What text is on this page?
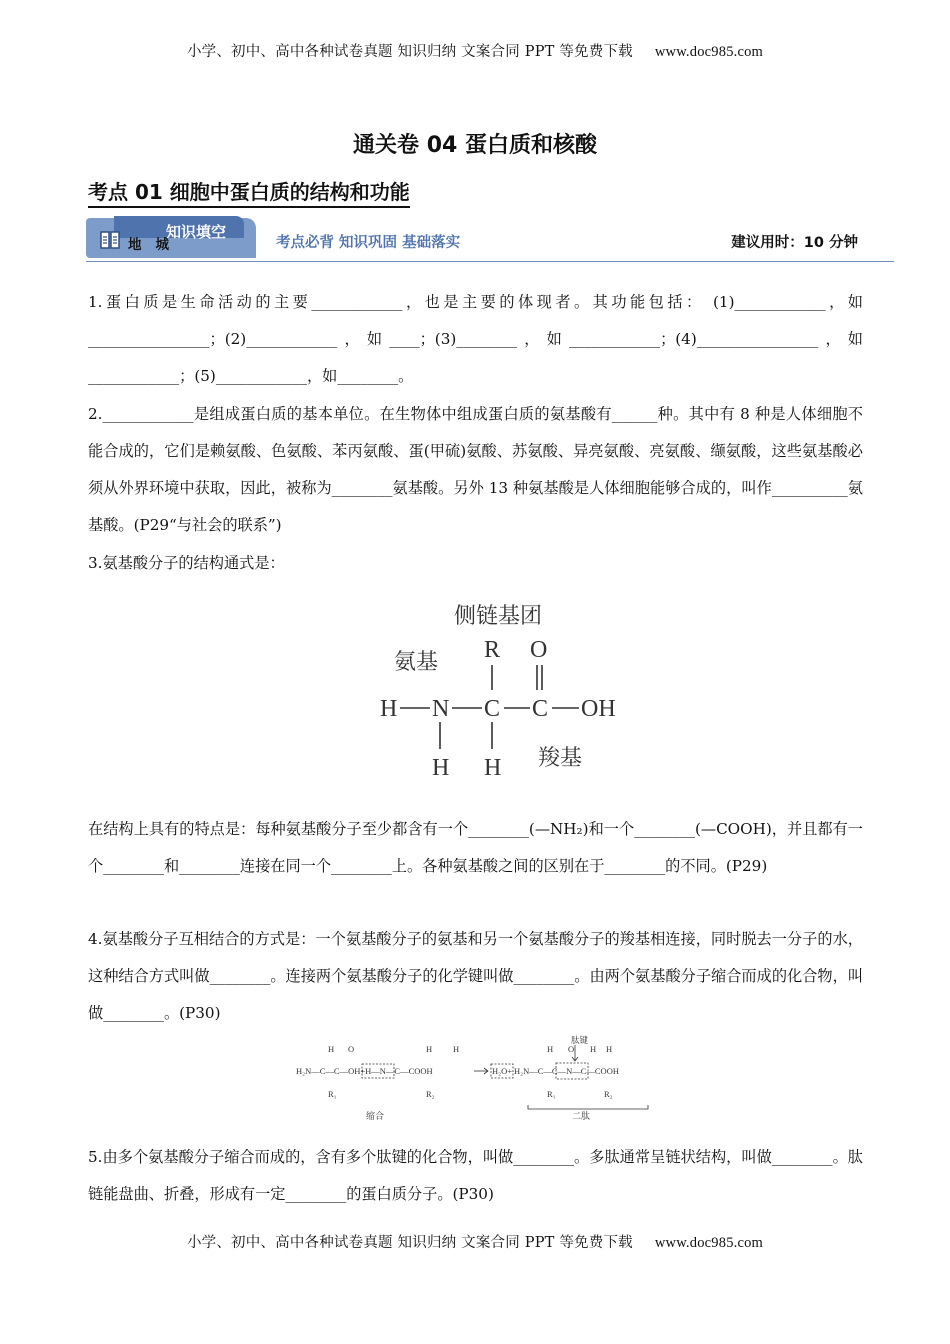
小学、初中、高中各种试卷真题 知识归纳 文案合同 PPT 等免费下载 www.doc985.com
通关卷 04 蛋白质和核酸
考点 01 细胞中蛋白质的结构和功能
知识填空
地城	考点必背 知识巩固 基础落实	建议用时：10 分钟
1.蛋白质是生命活动的主要____________，也是主要的体现者。其功能包括： (1)____________，如________________；(2)____________，如____；(3)________，如____________；(4)________________，如____________；(5)____________，如________。
2.____________是组成蛋白质的基本单位。在生物体中组成蛋白质的氨基酸有______种。其中有 8 种是人体细胞不能合成的，它们是赖氨酸、色氨酸、苯丙氨酸、蛋(甲硫)氨酸、苏氨酸、异亮氨酸、亮氨酸、缬氨酸，这些氨基酸必须从外界环境中获取，因此，被称为________氨基酸。另外 13 种氨基酸是人体细胞能够合成的，叫作__________氨基酸。(P29“与社会的联系”)
3.氨基酸分子的结构通式是：
侧链基团
氨基 R O
H N C C OH
H H 羧基
在结构上具有的特点是：每种氨基酸分子至少都含有一个________(—NH₂)和一个________(—COOH)，并且都有一个________和________连接在同一个________上。各种氨基酸之间的区别在于________的不同。(P29)
4.氨基酸分子互相结合的方式是：一个氨基酸分子的氨基和另一个氨基酸分子的羧基相连接，同时脱去一分子的水，这种结合方式叫做________。连接两个氨基酸分子的化学键叫做________。由两个氨基酸分子缩合而成的化合物，叫做________。(P30)
H O	H H	H O H H
肽键
H₂N—C—C—OH+H—N—C—COOH	H₂O+ H₂N—C—C—N—C—COOH
R₁	R₂	R₁	R₂
缩合	二肽
5.由多个氨基酸分子缩合而成的，含有多个肽键的化合物，叫做________。多肽通常呈链状结构，叫做________。肽链能盘曲、折叠，形成有一定________的蛋白质分子。(P30)
小学、初中、高中各种试卷真题 知识归纳 文案合同 PPT 等免费下载 www.doc985.com
